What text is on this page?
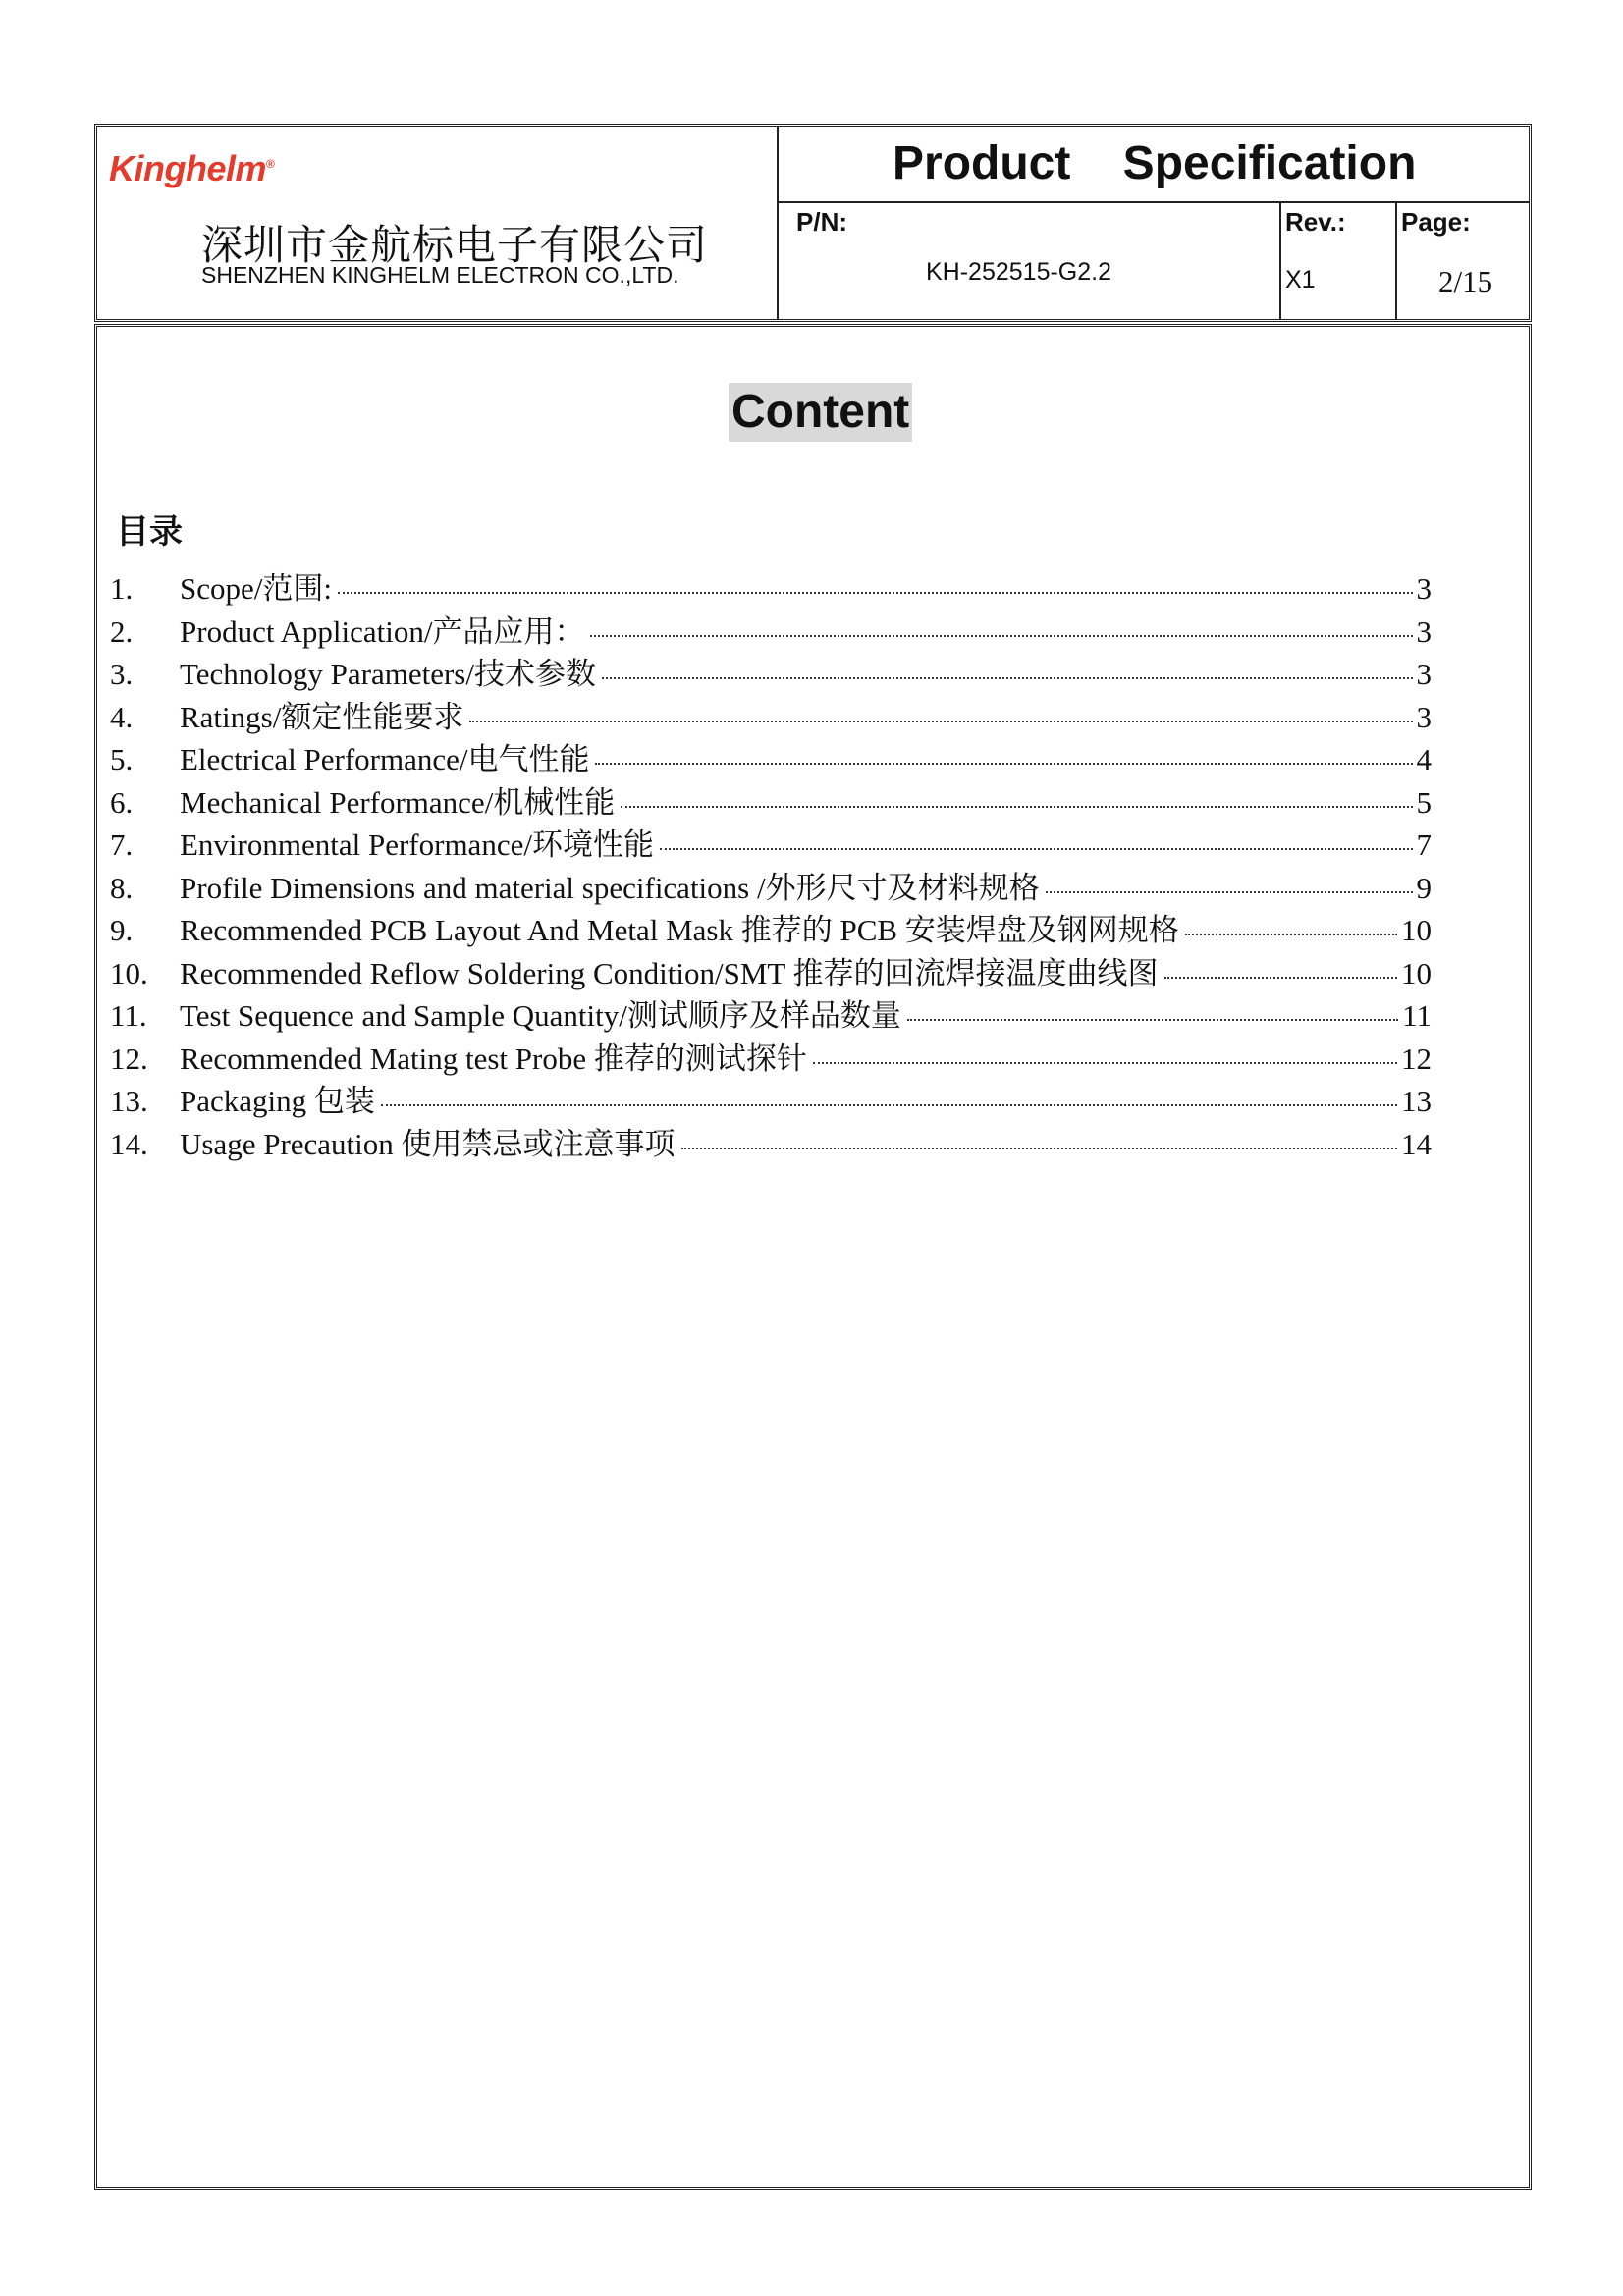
Kinghelm®
深圳市金航标电子有限公司
SHENZHEN KINGHELM ELECTRON CO.,LTD.
Product Specification
P/N:
KH-252515-G2.2
Rev.:
X1
Page:
2/15
Content
目录
1.	Scope/范围:	3
2.	Product Application/产品应用：	3
3.	Technology Parameters/技术参数	3
4.	Ratings/额定性能要求	3
5.	Electrical Performance/电气性能	4
6.	Mechanical Performance/机械性能	5
7.	Environmental Performance/环境性能	7
8.	Profile Dimensions and material specifications /外形尺寸及材料规格	9
9.	Recommended PCB Layout And Metal Mask 推荐的 PCB 安装焊盘及钢网规格	10
10.	Recommended Reflow Soldering Condition/SMT 推荐的回流焊接温度曲线图	10
11.	Test Sequence and Sample Quantity/测试顺序及样品数量	11
12.	Recommended Mating test Probe 推荐的测试探针	12
13.	Packaging 包装	13
14.	Usage Precaution 使用禁忌或注意事项	14
